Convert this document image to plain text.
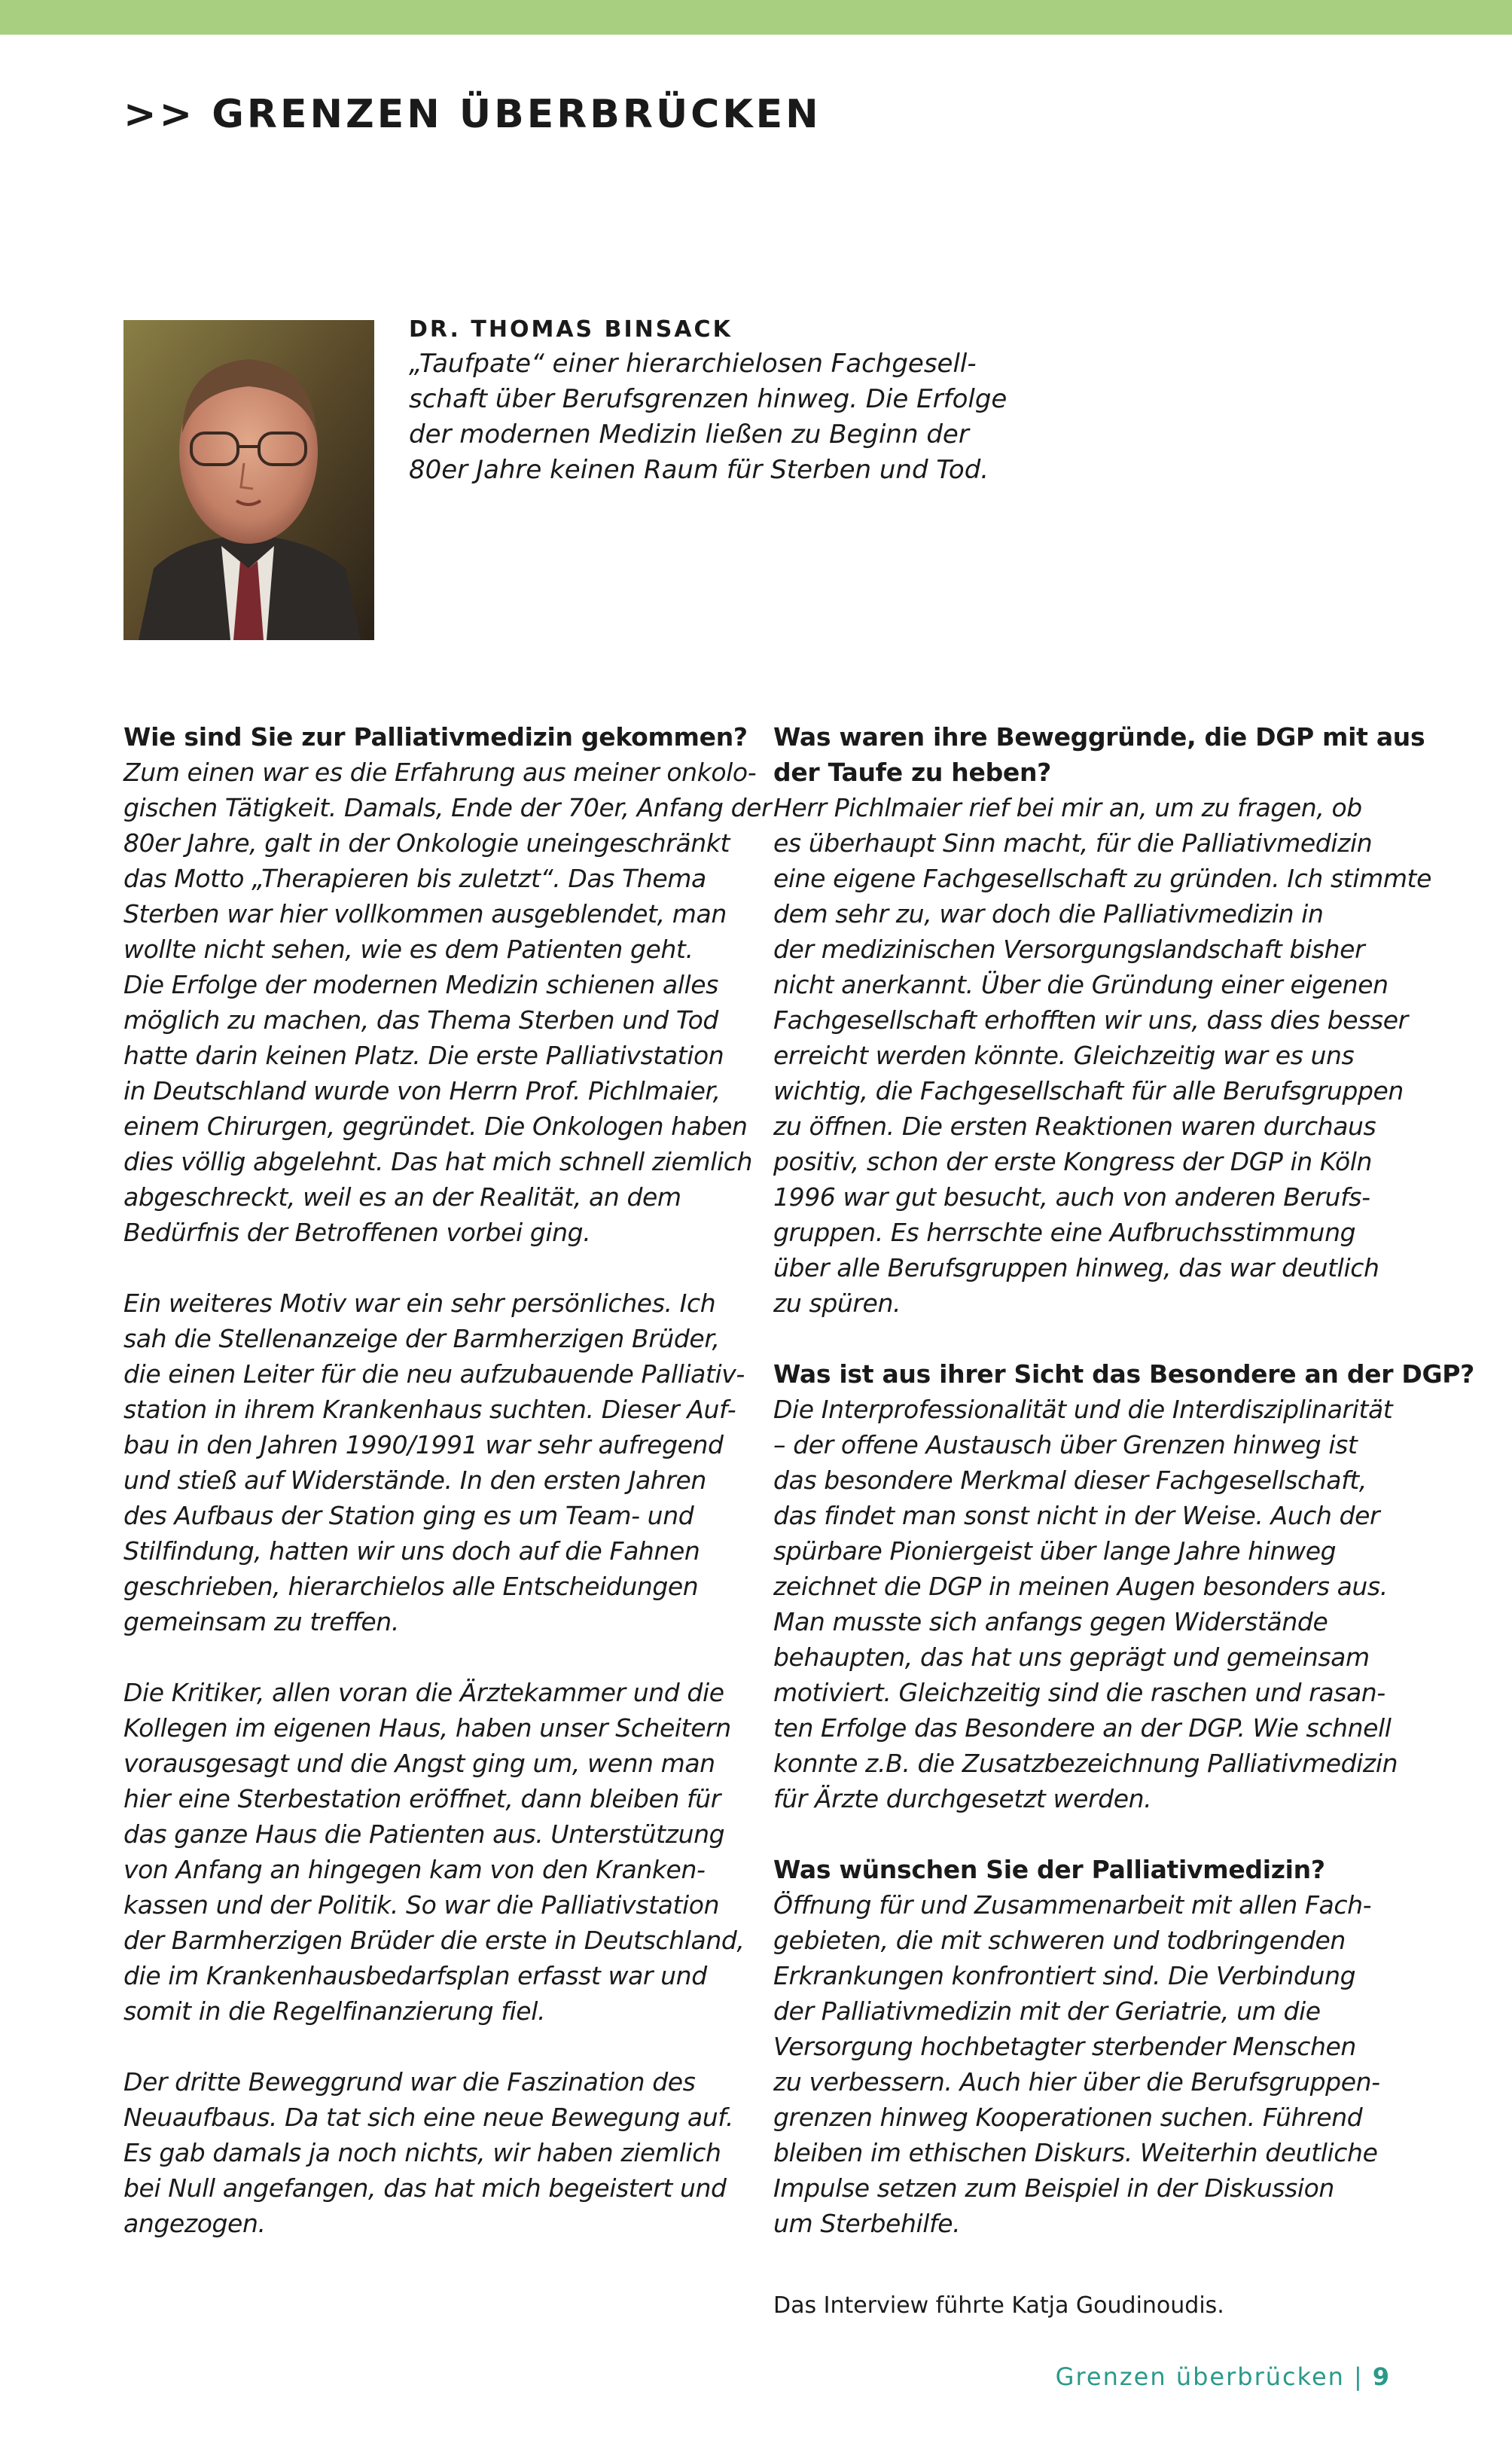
>> GRENZEN ÜBERBRÜCKEN

DR. THOMAS BINSACK

„Taufpate“ einer hierarchielosen Fachgesell-
schaft über Berufsgrenzen hinweg. Die Erfolge
der modernen Medizin ließen zu Beginn der
80er Jahre keinen Raum für Sterben und Tod.

Wie sind Sie zur Palliativmedizin gekommen?

Zum einen war es die Erfahrung aus meiner onkolo-
gischen Tätigkeit. Damals, Ende der 70er, Anfang der
80er Jahre, galt in der Onkologie uneingeschränkt
das Motto „Therapieren bis zuletzt“. Das Thema
Sterben war hier vollkommen ausgeblendet, man
wollte nicht sehen, wie es dem Patienten geht.
Die Erfolge der modernen Medizin schienen alles
möglich zu machen, das Thema Sterben und Tod
hatte darin keinen Platz. Die erste Palliativstation
in Deutschland wurde von Herrn Prof. Pichlmaier,
einem Chirurgen, gegründet. Die Onkologen haben
dies völlig abgelehnt. Das hat mich schnell ziemlich
abgeschreckt, weil es an der Realität, an dem
Bedürfnis der Betroffenen vorbei ging.

Ein weiteres Motiv war ein sehr persönliches. Ich
sah die Stellenanzeige der Barmherzigen Brüder,
die einen Leiter für die neu aufzubauende Palliativ-
station in ihrem Krankenhaus suchten. Dieser Auf-
bau in den Jahren 1990/1991 war sehr aufregend
und stieß auf Widerstände. In den ersten Jahren
des Aufbaus der Station ging es um Team- und
Stilfindung, hatten wir uns doch auf die Fahnen
geschrieben, hierarchielos alle Entscheidungen
gemeinsam zu treffen.

Die Kritiker, allen voran die Ärztekammer und die
Kollegen im eigenen Haus, haben unser Scheitern
vorausgesagt und die Angst ging um, wenn man
hier eine Sterbestation eröffnet, dann bleiben für
das ganze Haus die Patienten aus. Unterstützung
von Anfang an hingegen kam von den Kranken-
kassen und der Politik. So war die Palliativstation
der Barmherzigen Brüder die erste in Deutschland,
die im Krankenhausbedarfsplan erfasst war und
somit in die Regelfinanzierung fiel.

Der dritte Beweggrund war die Faszination des
Neuaufbaus. Da tat sich eine neue Bewegung auf.
Es gab damals ja noch nichts, wir haben ziemlich
bei Null angefangen, das hat mich begeistert und
angezogen.

Was waren ihre Beweggründe, die DGP mit aus
der Taufe zu heben?

Herr Pichlmaier rief bei mir an, um zu fragen, ob
es überhaupt Sinn macht, für die Palliativmedizin
eine eigene Fachgesellschaft zu gründen. Ich stimmte
dem sehr zu, war doch die Palliativmedizin in
der medizinischen Versorgungslandschaft bisher
nicht anerkannt. Über die Gründung einer eigenen
Fachgesellschaft erhofften wir uns, dass dies besser
erreicht werden könnte. Gleichzeitig war es uns
wichtig, die Fachgesellschaft für alle Berufsgruppen
zu öffnen. Die ersten Reaktionen waren durchaus
positiv, schon der erste Kongress der DGP in Köln
1996 war gut besucht, auch von anderen Berufs-
gruppen. Es herrschte eine Aufbruchsstimmung
über alle Berufsgruppen hinweg, das war deutlich
zu spüren.

Was ist aus ihrer Sicht das Besondere an der DGP?

Die Interprofessionalität und die Interdisziplinarität
– der offene Austausch über Grenzen hinweg ist
das besondere Merkmal dieser Fachgesellschaft,
das findet man sonst nicht in der Weise. Auch der
spürbare Pioniergeist über lange Jahre hinweg
zeichnet die DGP in meinen Augen besonders aus.
Man musste sich anfangs gegen Widerstände
behaupten, das hat uns geprägt und gemeinsam
motiviert. Gleichzeitig sind die raschen und rasan-
ten Erfolge das Besondere an der DGP. Wie schnell
konnte z.B. die Zusatzbezeichnung Palliativmedizin
für Ärzte durchgesetzt werden.

Was wünschen Sie der Palliativmedizin?

Öffnung für und Zusammenarbeit mit allen Fach-
gebieten, die mit schweren und todbringenden
Erkrankungen konfrontiert sind. Die Verbindung
der Palliativmedizin mit der Geriatrie, um die
Versorgung hochbetagter sterbender Menschen
zu verbessern. Auch hier über die Berufsgruppen-
grenzen hinweg Kooperationen suchen. Führend
bleiben im ethischen Diskurs. Weiterhin deutliche
Impulse setzen zum Beispiel in der Diskussion
um Sterbehilfe.

Das Interview führte Katja Goudinoudis.
Grenzen überbrücken | 9
